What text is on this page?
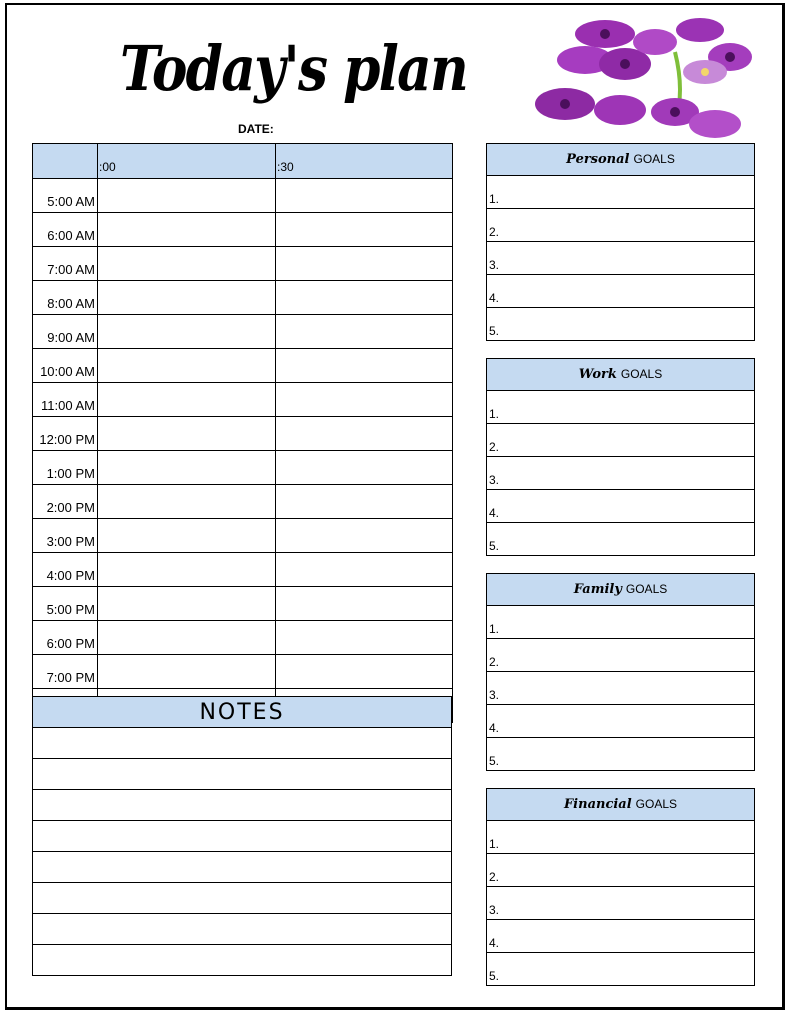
Today's plan
DATE:
	:00	:30
5:00 AM		
6:00 AM		
7:00 AM		
8:00 AM		
9:00 AM		
10:00 AM		
11:00 AM		
12:00 PM		
1:00 PM		
2:00 PM		
3:00 PM		
4:00 PM		
5:00 PM		
6:00 PM		
7:00 PM		

NOTES

Personal GOALS
1.
2.
3.
4.
5.
Work GOALS
1.
2.
3.
4.
5.
Family GOALS
1.
2.
3.
4.
5.
Financial GOALS
1.
2.
3.
4.
5.
